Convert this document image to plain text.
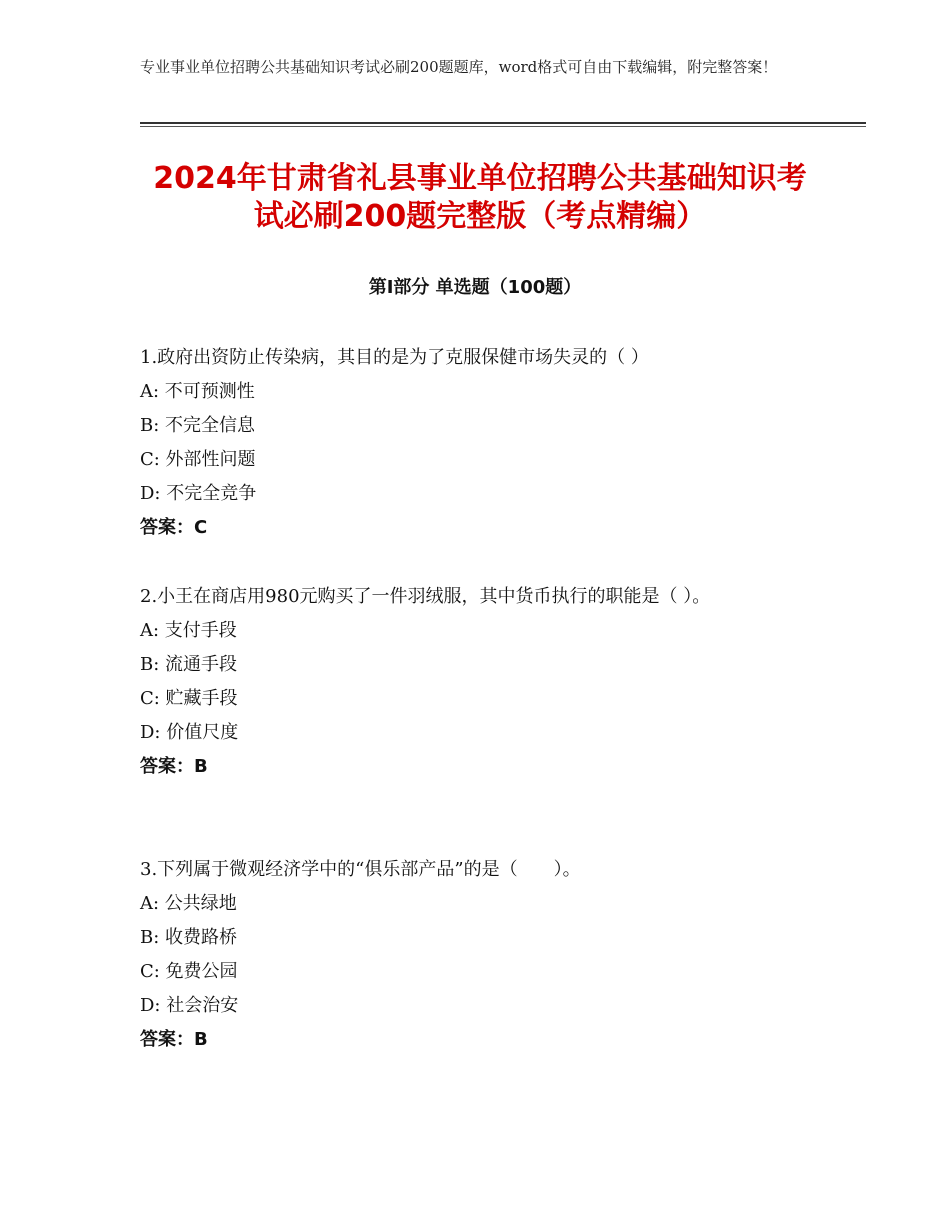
专业事业单位招聘公共基础知识考试必刷200题题库，word格式可自由下载编辑，附完整答案！
2024年甘肃省礼县事业单位招聘公共基础知识考试必刷200题完整版（考点精编）
第Ⅰ部分 单选题（100题）

1.政府出资防止传染病，其目的是为了克服保健市场失灵的（ ）

A: 不可预测性

B: 不完全信息

C: 外部性问题

D: 不完全竞争

答案：C

2.小王在商店用980元购买了一件羽绒服，其中货币执行的职能是（ ）。

A: 支付手段

B: 流通手段

C: 贮藏手段

D: 价值尺度

答案：B

3.下列属于微观经济学中的“俱乐部产品”的是（　　）。

A: 公共绿地

B: 收费路桥

C: 免费公园

D: 社会治安

答案：B
